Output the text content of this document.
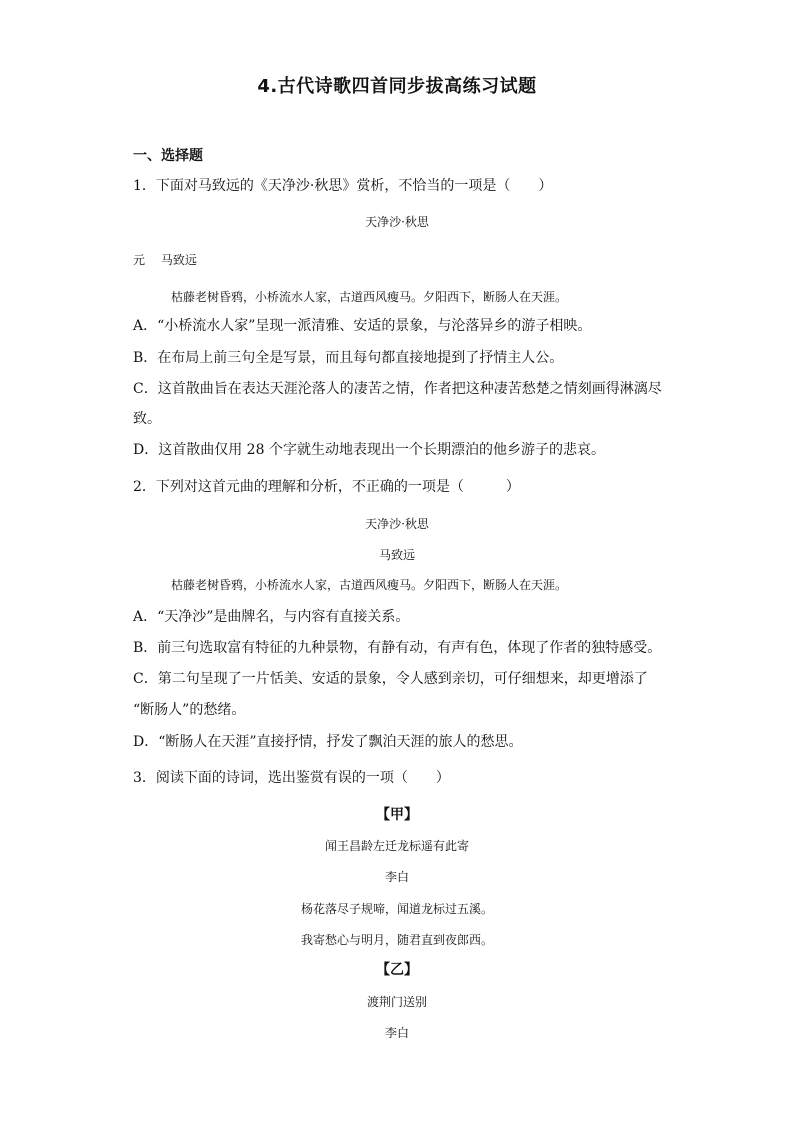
4.古代诗歌四首同步拔高练习试题
一、选择题
1．下面对马致远的《天净沙·秋思》赏析，不恰当的一项是（　　）
天净沙·秋思
元　 马致远
枯藤老树昏鸦，小桥流水人家，古道西风瘦马。夕阳西下，断肠人在天涯。
A．“小桥流水人家”呈现一派清雅、安适的景象，与沦落异乡的游子相映。
B．在布局上前三句全是写景，而且每句都直接地提到了抒情主人公。
C．这首散曲旨在表达天涯沦落人的凄苦之情，作者把这种凄苦愁楚之情刻画得淋漓尽
致。
D．这首散曲仅用 28 个字就生动地表现出一个长期漂泊的他乡游子的悲哀。
2．下列对这首元曲的理解和分析，不正确的一项是（　　　）
天净沙·秋思
马致远
枯藤老树昏鸦，小桥流水人家，古道西风瘦马。夕阳西下，断肠人在天涯。
A．“天净沙”是曲牌名，与内容有直接关系。
B．前三句选取富有特征的九种景物，有静有动，有声有色，体现了作者的独特感受。
C．第二句呈现了一片恬美、安适的景象，令人感到亲切，可仔细想来，却更增添了
“断肠人”的愁绪。
D．“断肠人在天涯”直接抒情，抒发了飘泊天涯的旅人的愁思。
3．阅读下面的诗词，选出鉴赏有误的一项（　　）
【甲】
闻王昌龄左迁龙标遥有此寄
李白
杨花落尽子规啼，闻道龙标过五溪。
我寄愁心与明月，随君直到夜郎西。
【乙】
渡荆门送别
李白
